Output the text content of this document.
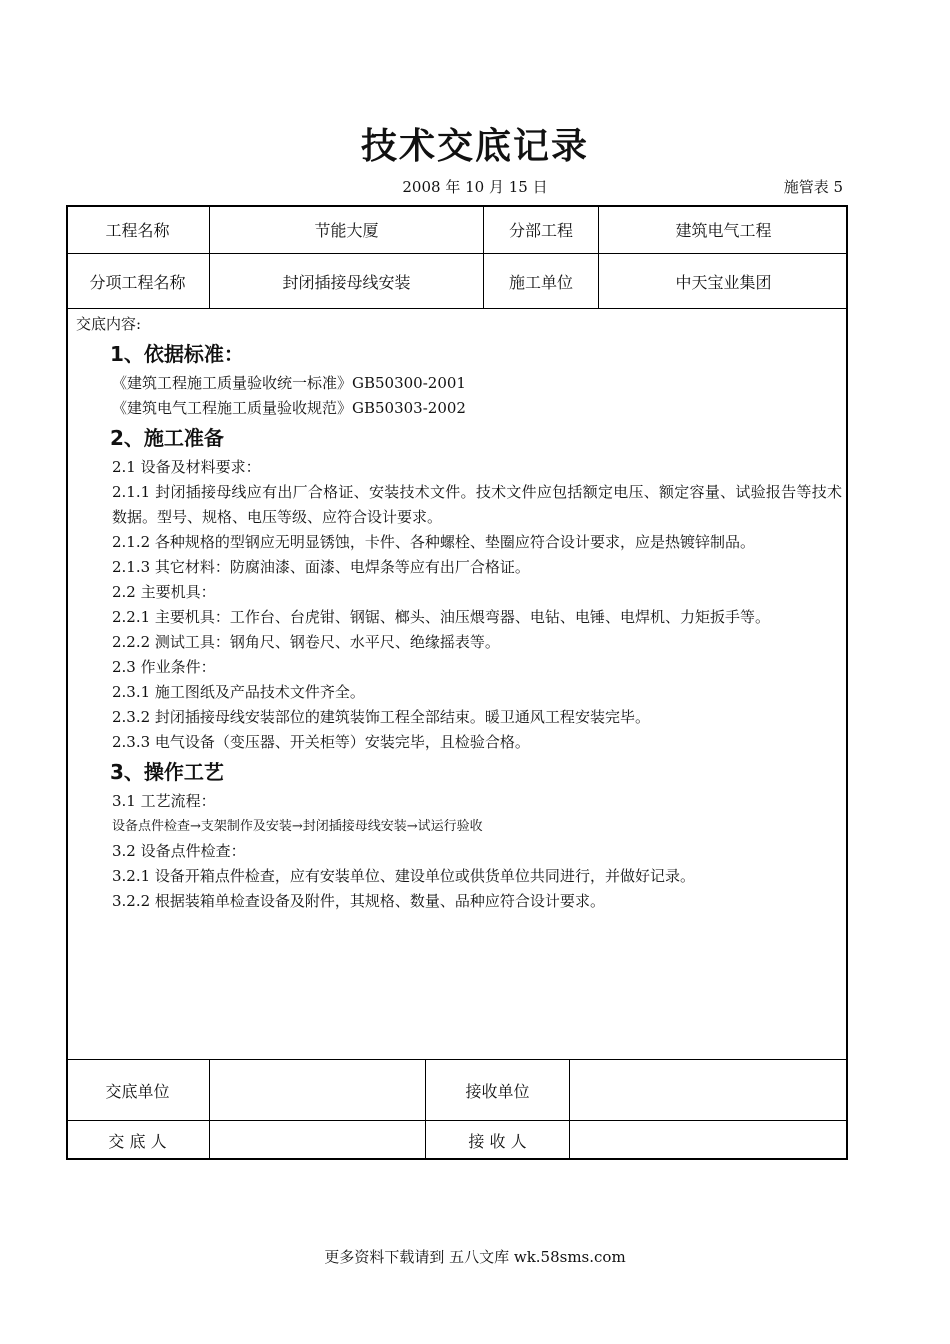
技术交底记录
2008 年 10 月 15 日	施管表 5
工程名称	节能大厦	分部工程	建筑电气工程
分项工程名称	封闭插接母线安装	施工单位	中天宝业集团
交底内容:
1、依据标准：
《建筑工程施工质量验收统一标准》GB50300-2001
《建筑电气工程施工质量验收规范》GB50303-2002
2、施工准备
2.1 设备及材料要求：
2.1.1 封闭插接母线应有出厂合格证、安装技术文件。技术文件应包括额定电压、额定容量、试验报告等技术数据。型号、规格、电压等级、应符合设计要求。
2.1.2 各种规格的型钢应无明显锈蚀，卡件、各种螺栓、垫圈应符合设计要求，应是热镀锌制品。
2.1.3 其它材料：防腐油漆、面漆、电焊条等应有出厂合格证。
2.2 主要机具：
2.2.1 主要机具：工作台、台虎钳、钢锯、榔头、油压煨弯器、电钻、电锤、电焊机、力矩扳手等。
2.2.2 测试工具：钢角尺、钢卷尺、水平尺、绝缘摇表等。
2.3 作业条件：
2.3.1 施工图纸及产品技术文件齐全。
2.3.2 封闭插接母线安装部位的建筑装饰工程全部结束。暖卫通风工程安装完毕。
2.3.3 电气设备（变压器、开关柜等）安装完毕，且检验合格。
3、操作工艺
3.1 工艺流程：
设备点件检查→支架制作及安装→封闭插接母线安装→试运行验收
3.2 设备点件检查：
3.2.1 设备开箱点件检查，应有安装单位、建设单位或供货单位共同进行，并做好记录。
3.2.2 根据装箱单检查设备及附件，其规格、数量、品种应符合设计要求。
交底单位	接收单位
交 底 人	接 收 人
更多资料下载请到 五八文库 wk.58sms.com
